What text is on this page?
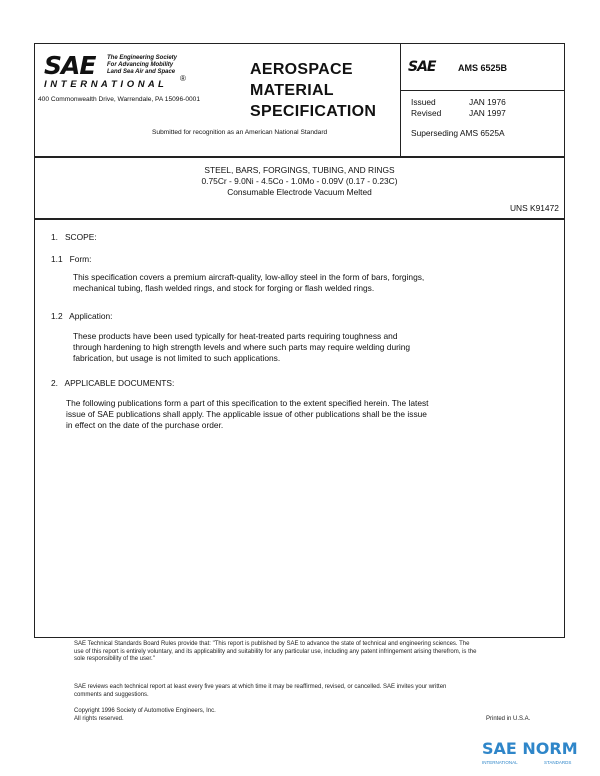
SAE The Engineering Society
For Advancing Mobility
Land Sea Air and Space
I N T E R N A T I O N A L
®
400 Commonwealth Drive, Warrendale, PA 15096-0001
AEROSPACE
MATERIAL
SPECIFICATION
Submitted for recognition as an American National Standard
SAE	AMS 6525B
Issued	JAN 1976
Revised	JAN 1997
Superseding AMS 6525A
STEEL, BARS, FORGINGS, TUBING, AND RINGS
0.75Cr - 9.0Ni - 4.5Co - 1.0Mo - 0.09V (0.17 - 0.23C)
Consumable Electrode Vacuum Melted
UNS K91472
1.   SCOPE:
1.1   Form:
This specification covers a premium aircraft-quality, low-alloy steel in the form of bars, forgings,
mechanical tubing, flash welded rings, and stock for forging or flash welded rings.
1.2   Application:
These products have been used typically for heat-treated parts requiring toughness and
through hardening to high strength levels and where such parts may require welding during
fabrication, but usage is not limited to such applications.
2.   APPLICABLE DOCUMENTS:
The following publications form a part of this specification to the extent specified herein. The latest
issue of SAE publications shall apply. The applicable issue of other publications shall be the issue
in effect on the date of the purchase order.
SAE Technical Standards Board Rules provide that: "This report is published by SAE to advance the state of technical and engineering sciences. The
use of this report is entirely voluntary, and its applicability and suitability for any particular use, including any patent infringement arising therefrom, is the
sole responsibility of the user."
SAE reviews each technical report at least every five years at which time it may be reaffirmed, revised, or cancelled. SAE invites your written
comments and suggestions.
Copyright 1996 Society of Automotive Engineers, Inc.
All rights reserved.	Printed in U.S.A.
SAE NORM
INTERNATIONAL	STANDARDS
